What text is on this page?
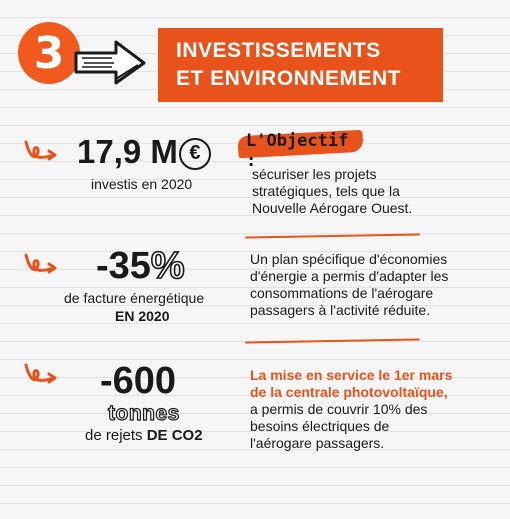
3	INVESTISSEMENTS
ET ENVIRONNEMENT
17,9 M €
investis en 2020
L'Objectif :
sécuriser les projets
stratégiques, tels que la
Nouvelle Aérogare Ouest.
-35%
de facture énergétique
EN 2020
Un plan spécifique d'économies
d'énergie a permis d'adapter les
consommations de l'aérogare
passagers à l'activité réduite.
-600
tonnes
de rejets DE CO2
La mise en service le 1er mars
de la centrale photovoltaïque,
a permis de couvrir 10% des
besoins électriques de
l'aérogare passagers.
